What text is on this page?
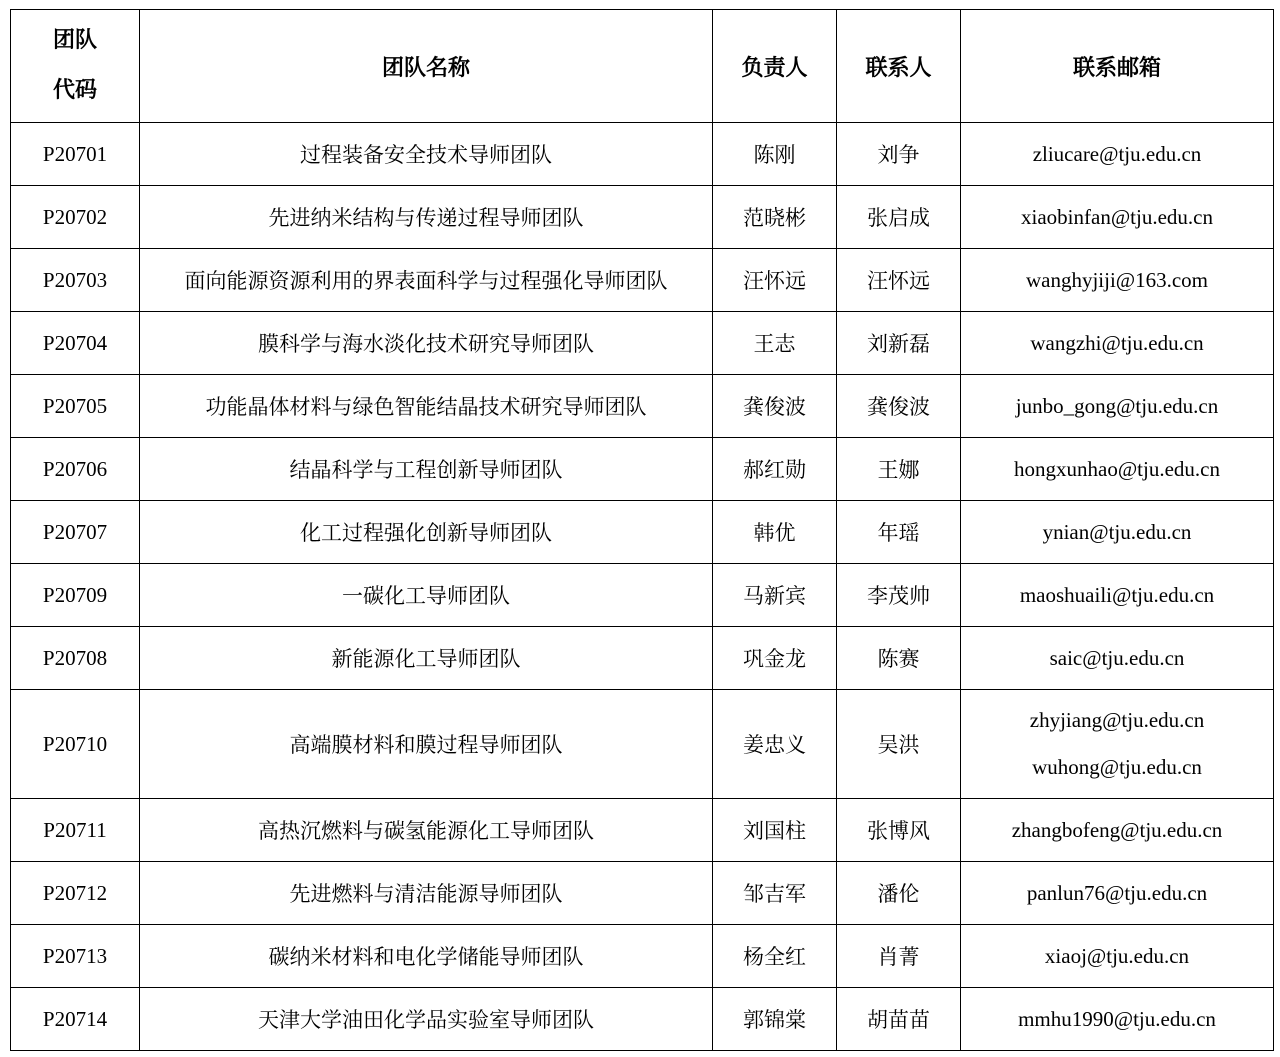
团队
代码	团队名称	负责人	联系人	联系邮箱
P20701	过程装备安全技术导师团队	陈刚	刘争	zliucare@tju.edu.cn

P20702	先进纳米结构与传递过程导师团队	范晓彬	张启成	xiaobinfan@tju.edu.cn

P20703	面向能源资源利用的界表面科学与过程强化导师团队	汪怀远	汪怀远	wanghyjiji@163.com

P20704	膜科学与海水淡化技术研究导师团队	王志	刘新磊	wangzhi@tju.edu.cn

P20705	功能晶体材料与绿色智能结晶技术研究导师团队	龚俊波	龚俊波	junbo_gong@tju.edu.cn

P20706	结晶科学与工程创新导师团队	郝红勋	王娜	hongxunhao@tju.edu.cn

P20707	化工过程强化创新导师团队	韩优	年瑶	ynian@tju.edu.cn

P20709	一碳化工导师团队	马新宾	李茂帅	maoshuaili@tju.edu.cn

P20708	新能源化工导师团队	巩金龙	陈赛	saic@tju.edu.cn

P20710	高端膜材料和膜过程导师团队	姜忠义	吴洪	zhyjiang@tju.edu.cn
wuhong@tju.edu.cn

P20711	高热沉燃料与碳氢能源化工导师团队	刘国柱	张博风	zhangbofeng@tju.edu.cn

P20712	先进燃料与清洁能源导师团队	邹吉军	潘伦	panlun76@tju.edu.cn

P20713	碳纳米材料和电化学储能导师团队	杨全红	肖菁	xiaoj@tju.edu.cn

P20714	天津大学油田化学品实验室导师团队	郭锦棠	胡苗苗	mmhu1990@tju.edu.cn
